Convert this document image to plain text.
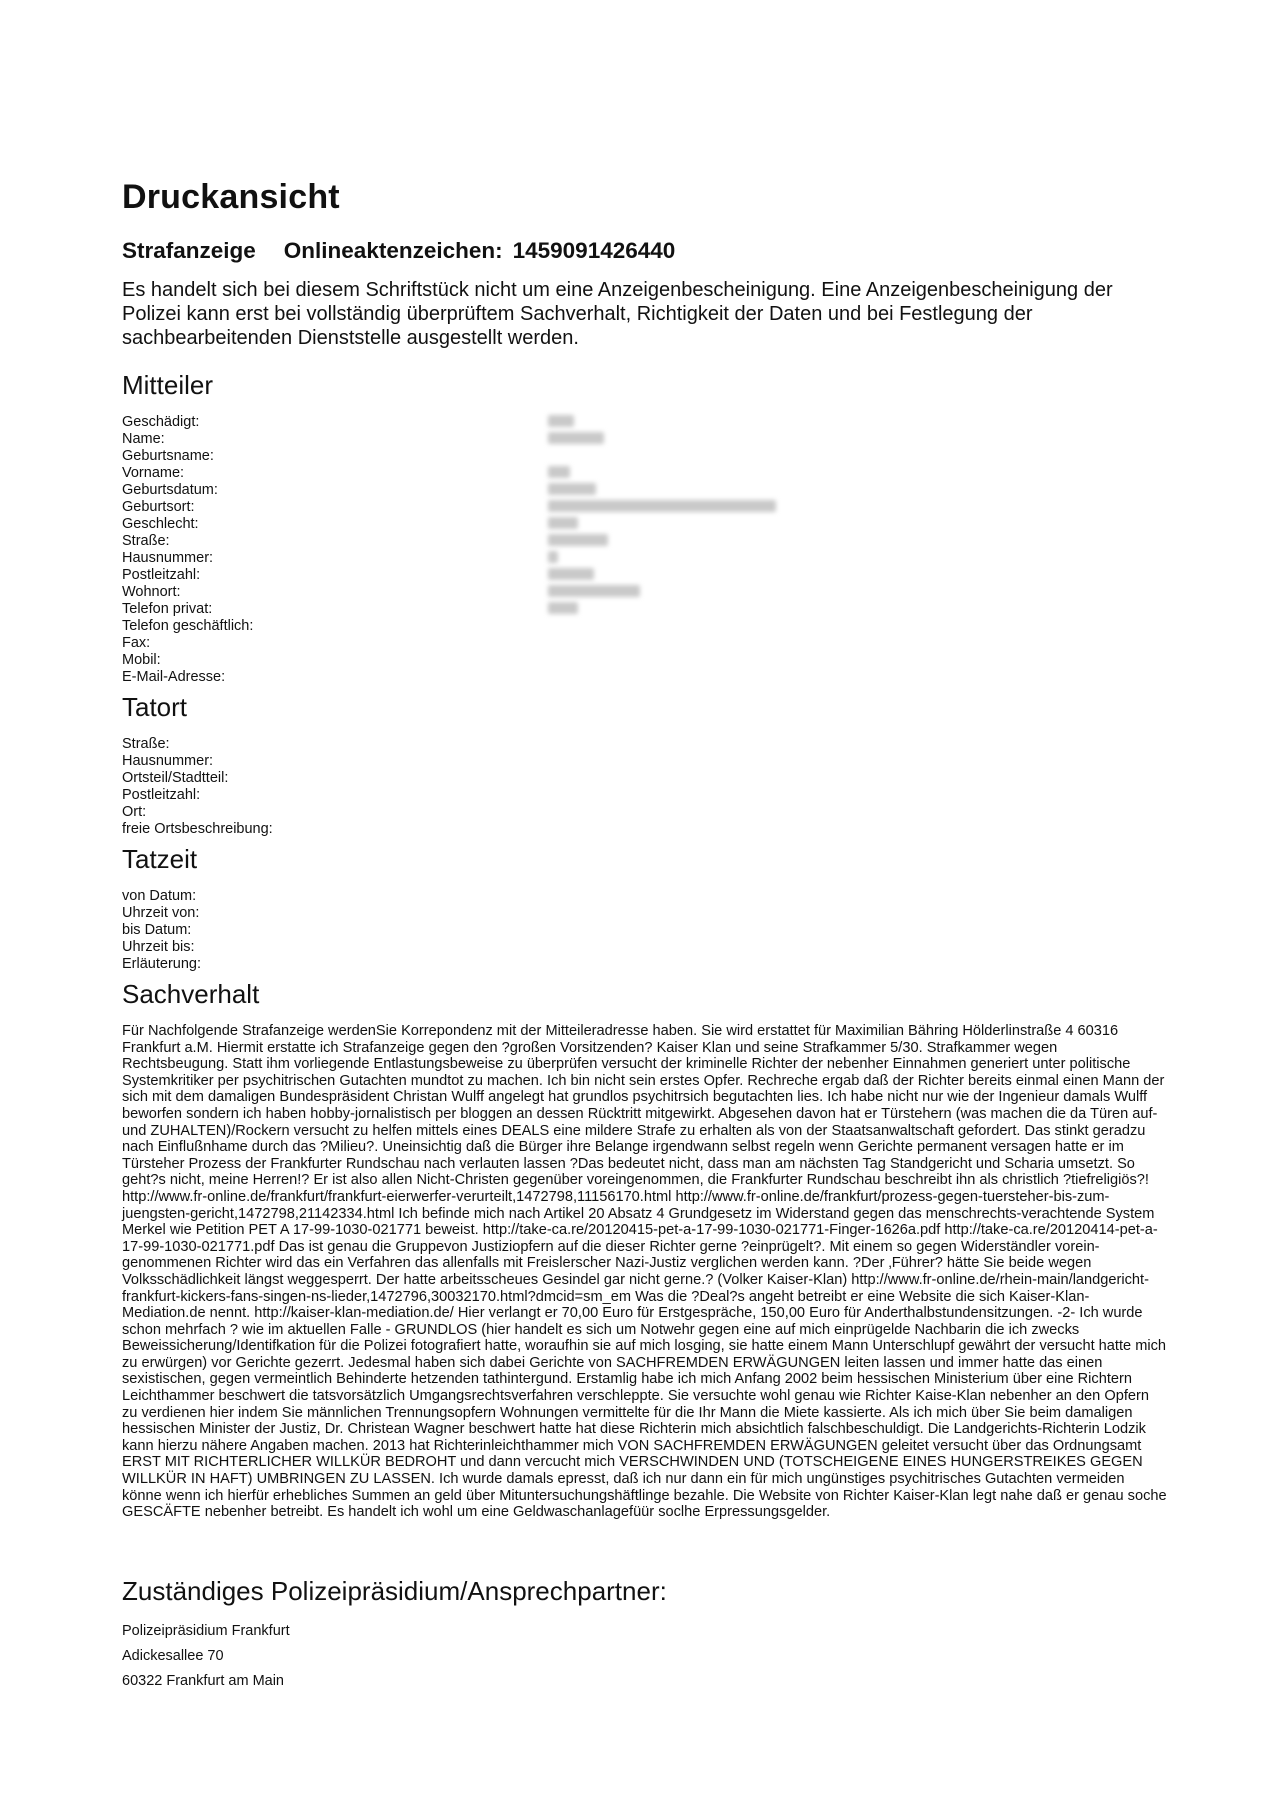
Druckansicht
Strafanzeige Onlineaktenzeichen: 1459091426440

Es handelt sich bei diesem Schriftstück nicht um eine Anzeigenbescheinigung. Eine Anzeigenbescheinigung der Polizei kann erst bei vollständig überprüftem Sachverhalt, Richtigkeit der Daten und bei Festlegung der sachbearbeitenden Dienststelle ausgestellt werden.

Mitteiler
Geschädigt:
Name:
Geburtsname:
Vorname:
Geburtsdatum:
Geburtsort:
Geschlecht:
Straße:
Hausnummer:
Postleitzahl:
Wohnort:
Telefon privat:
Telefon geschäftlich:
Fax:
Mobil:
E-Mail-Adresse:
Tatort
Straße:
Hausnummer:
Ortsteil/Stadtteil:
Postleitzahl:
Ort:
freie Ortsbeschreibung:
Tatzeit
von Datum:
Uhrzeit von:
bis Datum:
Uhrzeit bis:
Erläuterung:
Sachverhalt

Für Nachfolgende Strafanzeige werdenSie Korrepondenz mit der Mitteileradresse haben. Sie wird erstattet für Maximilian Bähring Hölderlinstraße 4 60316 Frankfurt a.M. Hiermit erstatte ich Strafanzeige gegen den ?großen Vorsitzenden? Kaiser Klan und seine Strafkammer 5/30. Strafkammer wegen Rechtsbeugung. Statt ihm vorliegende Entlastungsbeweise zu überprüfen versucht der kriminelle Richter der nebenher Einnahmen generiert unter politische Systemkritiker per psychitrischen Gutachten mundtot zu machen. Ich bin nicht sein erstes Opfer. Rechreche ergab daß der Richter bereits einmal einen Mann der sich mit dem damaligen Bundespräsident Christan Wulff angelegt hat grundlos psychitrsich begutachten lies. Ich habe nicht nur wie der Ingenieur damals Wulff beworfen sondern ich haben hobby-jornalistisch per bloggen an dessen Rücktritt mitgewirkt. Abgesehen davon hat er Türstehern (was machen die da Türen auf- und ZUHALTEN)/Rockern versucht zu helfen mittels eines DEALS eine mildere Strafe zu erhalten als von der Staatsanwaltschaft gefordert. Das stinkt geradzu nach Einflußnhame durch das ?Milieu?. Uneinsichtig daß die Bürger ihre Belange irgendwann selbst regeln wenn Gerichte permanent versagen hatte er im Türsteher Prozess der Frankfurter Rundschau nach verlauten lassen ?Das bedeutet nicht, dass man am nächsten Tag Standgericht und Scharia umsetzt. So geht?s nicht, meine Herren!? Er ist also allen Nicht-Christen gegenüber voreingenommen, die Frankfurter Rundschau beschreibt ihn als christlich ?tiefreligiös?! http://www.fr-online.de/frankfurt/frankfurt-eierwerfer-verurteilt,1472798,11156170.html http://www.fr-online.de/frankfurt/prozess-gegen-tuersteher-bis-zum-juengsten-gericht,1472798,21142334.html Ich befinde mich nach Artikel 20 Absatz 4 Grundgesetz im Widerstand gegen das menschrechts-verachtende System Merkel wie Petition PET A 17-99-1030-021771 beweist. http://take-ca.re/20120415-pet-a-17-99-1030-021771-Finger-1626a.pdf http://take-ca.re/20120414-pet-a-17-99-1030-021771.pdf Das ist genau die Gruppevon Justiziopfern auf die dieser Richter gerne ?einprügelt?. Mit einem so gegen Widerständler vorein-genommenen Richter wird das ein Verfahren das allenfalls mit Freislerscher Nazi-Justiz verglichen werden kann. ?Der ‚Führer? hätte Sie beide wegen Volksschädlichkeit längst weggesperrt. Der hatte arbeitsscheues Gesindel gar nicht gerne.? (Volker Kaiser-Klan) http://www.fr-online.de/rhein-main/landgericht-frankfurt-kickers-fans-singen-ns-lieder,1472796,30032170.html?dmcid=sm_em Was die ?Deal?s angeht betreibt er eine Website die sich Kaiser-Klan-Mediation.de nennt. http://kaiser-klan-mediation.de/ Hier verlangt er 70,00 Euro für Erstgespräche, 150,00 Euro für Anderthalbstundensitzungen. -2- Ich wurde schon mehrfach ? wie im aktuellen Falle - GRUNDLOS (hier handelt es sich um Notwehr gegen eine auf mich einprügelde Nachbarin die ich zwecks Beweissicherung/Identifkation für die Polizei fotografiert hatte, woraufhin sie auf mich losging, sie hatte einem Mann Unterschlupf gewährt der versucht hatte mich zu erwürgen) vor Gerichte gezerrt. Jedesmal haben sich dabei Gerichte von SACHFREMDEN ERWÄGUNGEN leiten lassen und immer hatte das einen sexistischen, gegen vermeintlich Behinderte hetzenden tathintergund. Erstamlig habe ich mich Anfang 2002 beim hessischen Ministerium über eine Richtern Leichthammer beschwert die tatsvorsätzlich Umgangsrechtsverfahren verschleppte. Sie versuchte wohl genau wie Richter Kaise-Klan nebenher an den Opfern zu verdienen hier indem Sie männlichen Trennungsopfern Wohnungen vermittelte für die Ihr Mann die Miete kassierte. Als ich mich über Sie beim damaligen hessischen Minister der Justiz, Dr. Christean Wagner beschwert hatte hat diese Richterin mich absichtlich falschbeschuldigt. Die Landgerichts-Richterin Lodzik kann hierzu nähere Angaben machen. 2013 hat Richterinleichthammer mich VON SACHFREMDEN ERWÄGUNGEN geleitet versucht über das Ordnungsamt ERST MIT RICHTERLICHER WILLKÜR BEDROHT und dann vercucht mich VERSCHWINDEN UND (TOTSCHEIGENE EINES HUNGERSTREIKES GEGEN WILLKÜR IN HAFT) UMBRINGEN ZU LASSEN. Ich wurde damals epresst, daß ich nur dann ein für mich ungünstiges psychitrisches Gutachten vermeiden könne wenn ich hierfür erhebliches Summen an geld über Mituntersuchungshäftlinge bezahle. Die Website von Richter Kaiser-Klan legt nahe daß er genau soche GESCÄFTE nebenher betreibt. Es handelt ich wohl um eine Geldwaschanlagefüür soclhe Erpressungsgelder.

Zuständiges Polizeipräsidium/Ansprechpartner:
Polizeipräsidium Frankfurt
Adickesallee 70
60322 Frankfurt am Main
